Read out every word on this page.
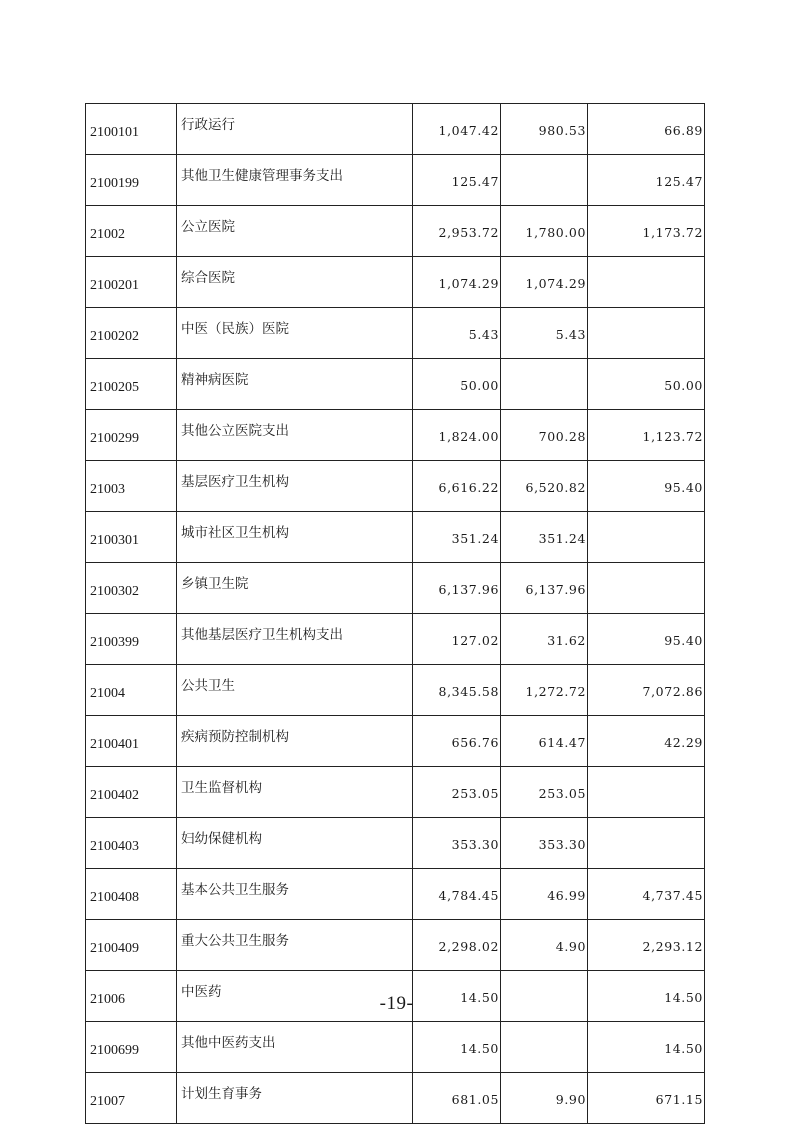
2100101	行政运行	1,047.42	980.53	66.89
2100199	其他卫生健康管理事务支出	125.47		125.47
21002	公立医院	2,953.72	1,780.00	1,173.72
2100201	综合医院	1,074.29	1,074.29	
2100202	中医（民族）医院	5.43	5.43	
2100205	精神病医院	50.00		50.00
2100299	其他公立医院支出	1,824.00	700.28	1,123.72
21003	基层医疗卫生机构	6,616.22	6,520.82	95.40
2100301	城市社区卫生机构	351.24	351.24	
2100302	乡镇卫生院	6,137.96	6,137.96	
2100399	其他基层医疗卫生机构支出	127.02	31.62	95.40
21004	公共卫生	8,345.58	1,272.72	7,072.86
2100401	疾病预防控制机构	656.76	614.47	42.29
2100402	卫生监督机构	253.05	253.05	
2100403	妇幼保健机构	353.30	353.30	
2100408	基本公共卫生服务	4,784.45	46.99	4,737.45
2100409	重大公共卫生服务	2,298.02	4.90	2,293.12
21006	中医药	14.50		14.50
2100699	其他中医药支出	14.50		14.50
21007	计划生育事务	681.05	9.90	671.15
-19-
